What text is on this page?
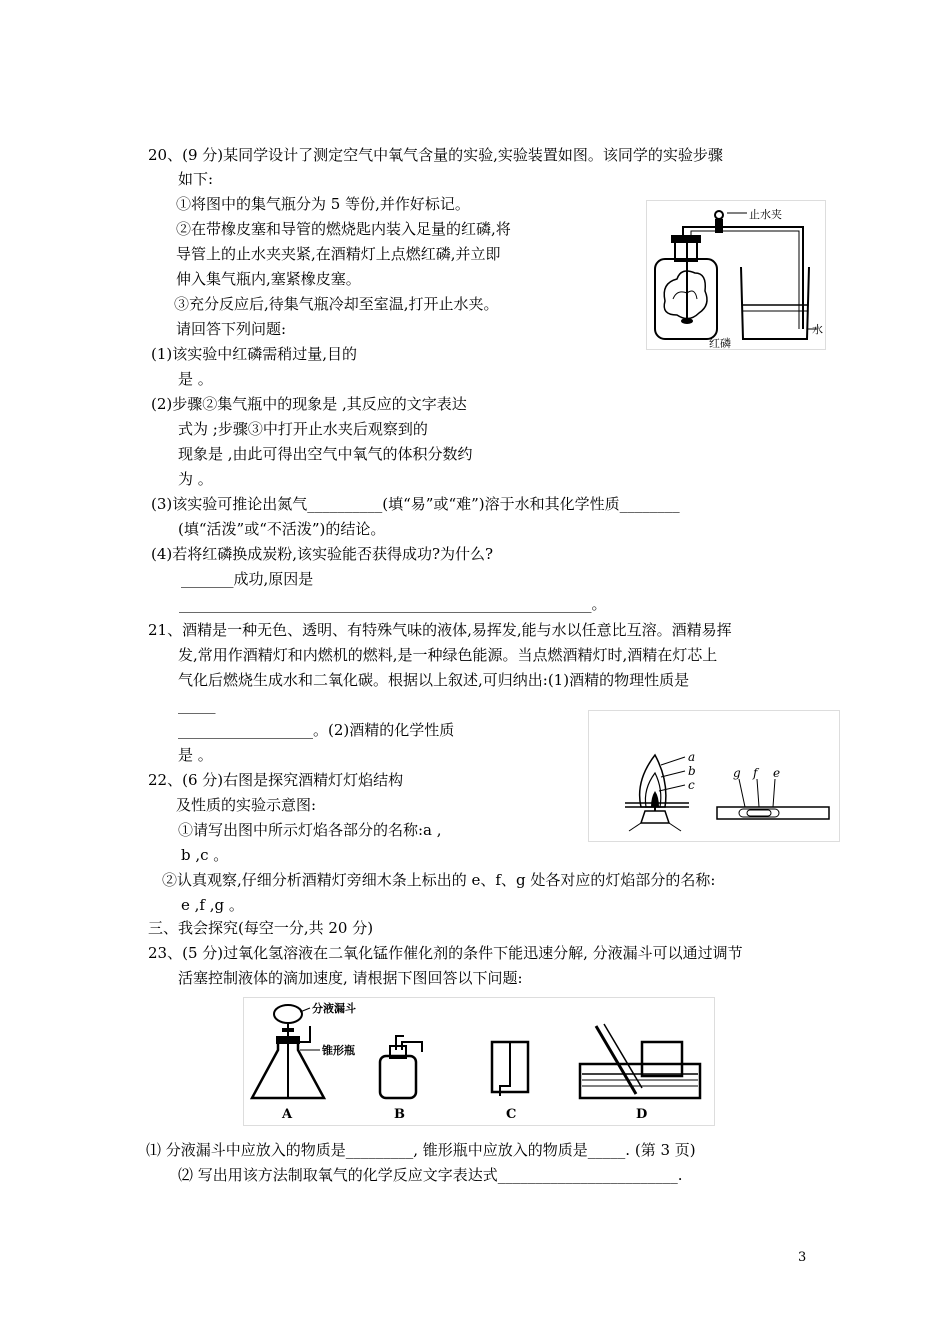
20、(9 分)某同学设计了测定空气中氧气含量的实验,实验装置如图。该同学的实验步骤
如下:
①将图中的集气瓶分为 5 等份,并作好标记。
②在带橡皮塞和导管的燃烧匙内装入足量的红磷,将
导管上的止水夹夹紧,在酒精灯上点燃红磷,并立即
伸入集气瓶内,塞紧橡皮塞。
③充分反应后,待集气瓶冷却至室温,打开止水夹。
请回答下列问题:
(1)该实验中红磷需稍过量,目的
是 。
(2)步骤②集气瓶中的现象是 ,其反应的文字表达
式为 ;步骤③中打开止水夹后观察到的
现象是 ,由此可得出空气中氧气的体积分数约
为 。
(3)该实验可推论出氮气__________(填“易”或“难”)溶于水和其化学性质________
(填“活泼”或“不活泼”)的结论。
(4)若将红磷换成炭粉,该实验能否获得成功?为什么?
_______成功,原因是
_______________________________________________________。
止水夹
水
红磷
21、酒精是一种无色、透明、有特殊气味的液体,易挥发,能与水以任意比互溶。酒精易挥
发,常用作酒精灯和内燃机的燃料,是一种绿色能源。当点燃酒精灯时,酒精在灯芯上
气化后燃烧生成水和二氧化碳。根据以上叙述,可归纳出:(1)酒精的物理性质是
_____
__________________。(2)酒精的化学性质
是 。	a
b
c
g f e
22、(6 分)右图是探究酒精灯灯焰结构
及性质的实验示意图:
①请写出图中所示灯焰各部分的名称:a ,
b ,c 。
②认真观察,仔细分析酒精灯旁细木条上标出的 e、f、g 处各对应的灯焰部分的名称:
e ,f ,g 。
三、我会探究(每空一分,共 20 分)
23、(5 分)过氧化氢溶液在二氧化锰作催化剂的条件下能迅速分解, 分液漏斗可以通过调节
活塞控制液体的滴加速度, 请根据下图回答以下问题:
分液漏斗
锥形瓶
A	B	C	D
⑴ 分液漏斗中应放入的物质是_________, 锥形瓶中应放入的物质是_____. (第 3 页)
⑵ 写出用该方法制取氧气的化学反应文字表达式________________________.
3
